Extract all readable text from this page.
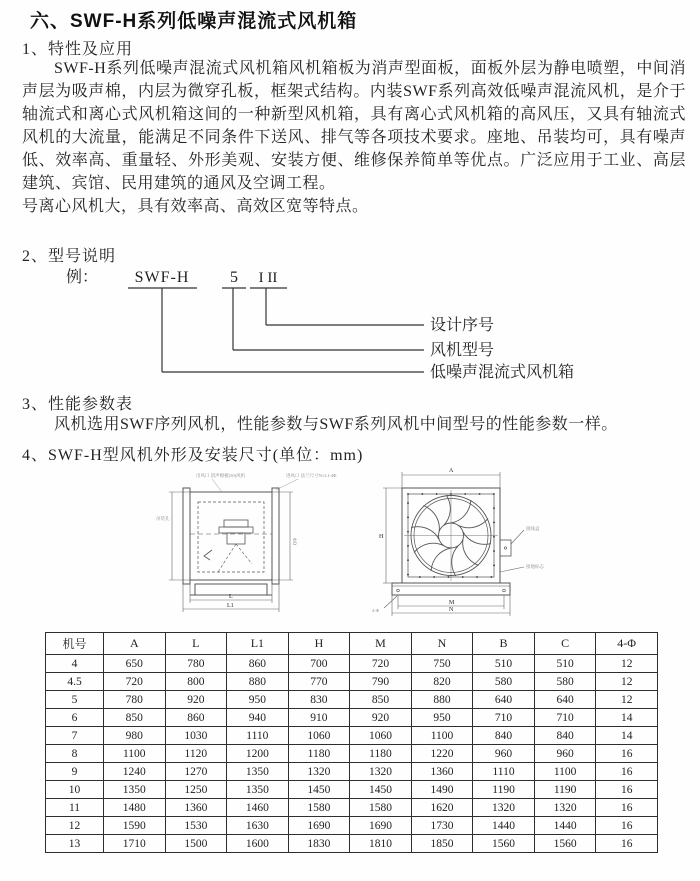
六、SWF-H系列低噪声混流式风机箱
1、特性及应用

SWF-H系列低噪声混流式风机箱风机箱板为消声型面板，面板外层为静电喷塑，中间消声层为吸声棉，内层为微穿孔板，框架式结构。内装SWF系列高效低噪声混流风机，是介于轴流式和离心式风机箱这间的一种新型风机箱，具有离心式风机箱的高风压，又具有轴流式风机的大流量，能满足不同条件下送风、排气等各项技术要求。座地、吊装均可，具有噪声低、效率高、重量轻、外形美观、安装方便、维修保养简单等优点。广泛应用于工业、高层建筑、宾馆、民用建筑的通风及空调工程。

号离心风机大，具有效率高、高效区宽等特点。

2、型号说明
例： SWF-H	5 I II
设计序号
风机型号
低噪声混流式风机箱
3、性能参数表
风机选用SWF序列风机，性能参数与SWF系列风机中间型号的性能参数一样。
4、SWF-H型风机外形及安装尺寸(单位：mm)
出风口 消声棉板(50)风机	进风口 法兰尺寸N×L1-4Φ
吊装孔
ΦD
L
L1
A
H
接线盒
接地标志
4-Φ
M
N
机号	A	L	L1	H	M	N	B	C	4-Φ
4	650	780	860	700	720	750	510	510	12
4.5	720	800	880	770	790	820	580	580	12
5	780	920	950	830	850	880	640	640	12
6	850	860	940	910	920	950	710	710	14
7	980	1030	1110	1060	1060	1100	840	840	14
8	1100	1120	1200	1180	1180	1220	960	960	16
9	1240	1270	1350	1320	1320	1360	1110	1100	16
10	1350	1250	1350	1450	1450	1490	1190	1190	16
11	1480	1360	1460	1580	1580	1620	1320	1320	16
12	1590	1530	1630	1690	1690	1730	1440	1440	16
13	1710	1500	1600	1830	1810	1850	1560	1560	16
